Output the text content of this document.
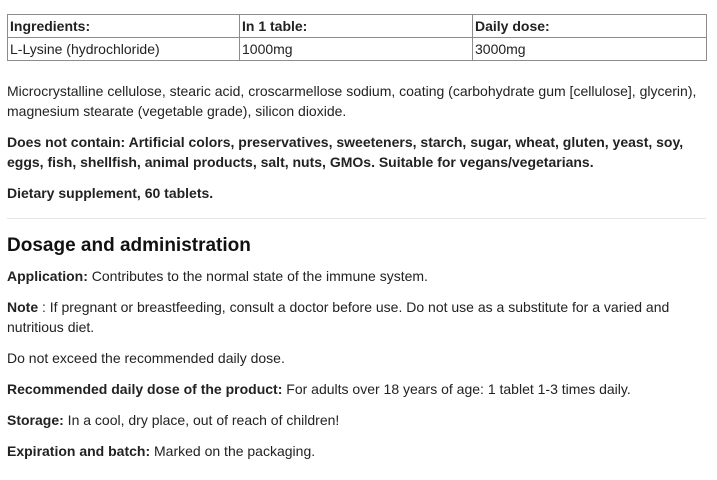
Ingredients:	In 1 table:	Daily dose:
L-Lysine (hydrochloride)	1000mg	3000mg

Microcrystalline cellulose, stearic acid, croscarmellose sodium, coating (carbohydrate gum [cellulose], glycerin), magnesium stearate (vegetable grade), silicon dioxide.

Does not contain: Artificial colors, preservatives, sweeteners, starch, sugar, wheat, gluten, yeast, soy, eggs, fish, shellfish, animal products, salt, nuts, GMOs. Suitable for vegans/vegetarians.

Dietary supplement, 60 tablets.

Dosage and administration

Application: Contributes to the normal state of the immune system.

Note : If pregnant or breastfeeding, consult a doctor before use. Do not use as a substitute for a varied and nutritious diet.

Do not exceed the recommended daily dose.

Recommended daily dose of the product: For adults over 18 years of age: 1 tablet 1-3 times daily.

Storage: In a cool, dry place, out of reach of children!

Expiration and batch: Marked on the packaging.
